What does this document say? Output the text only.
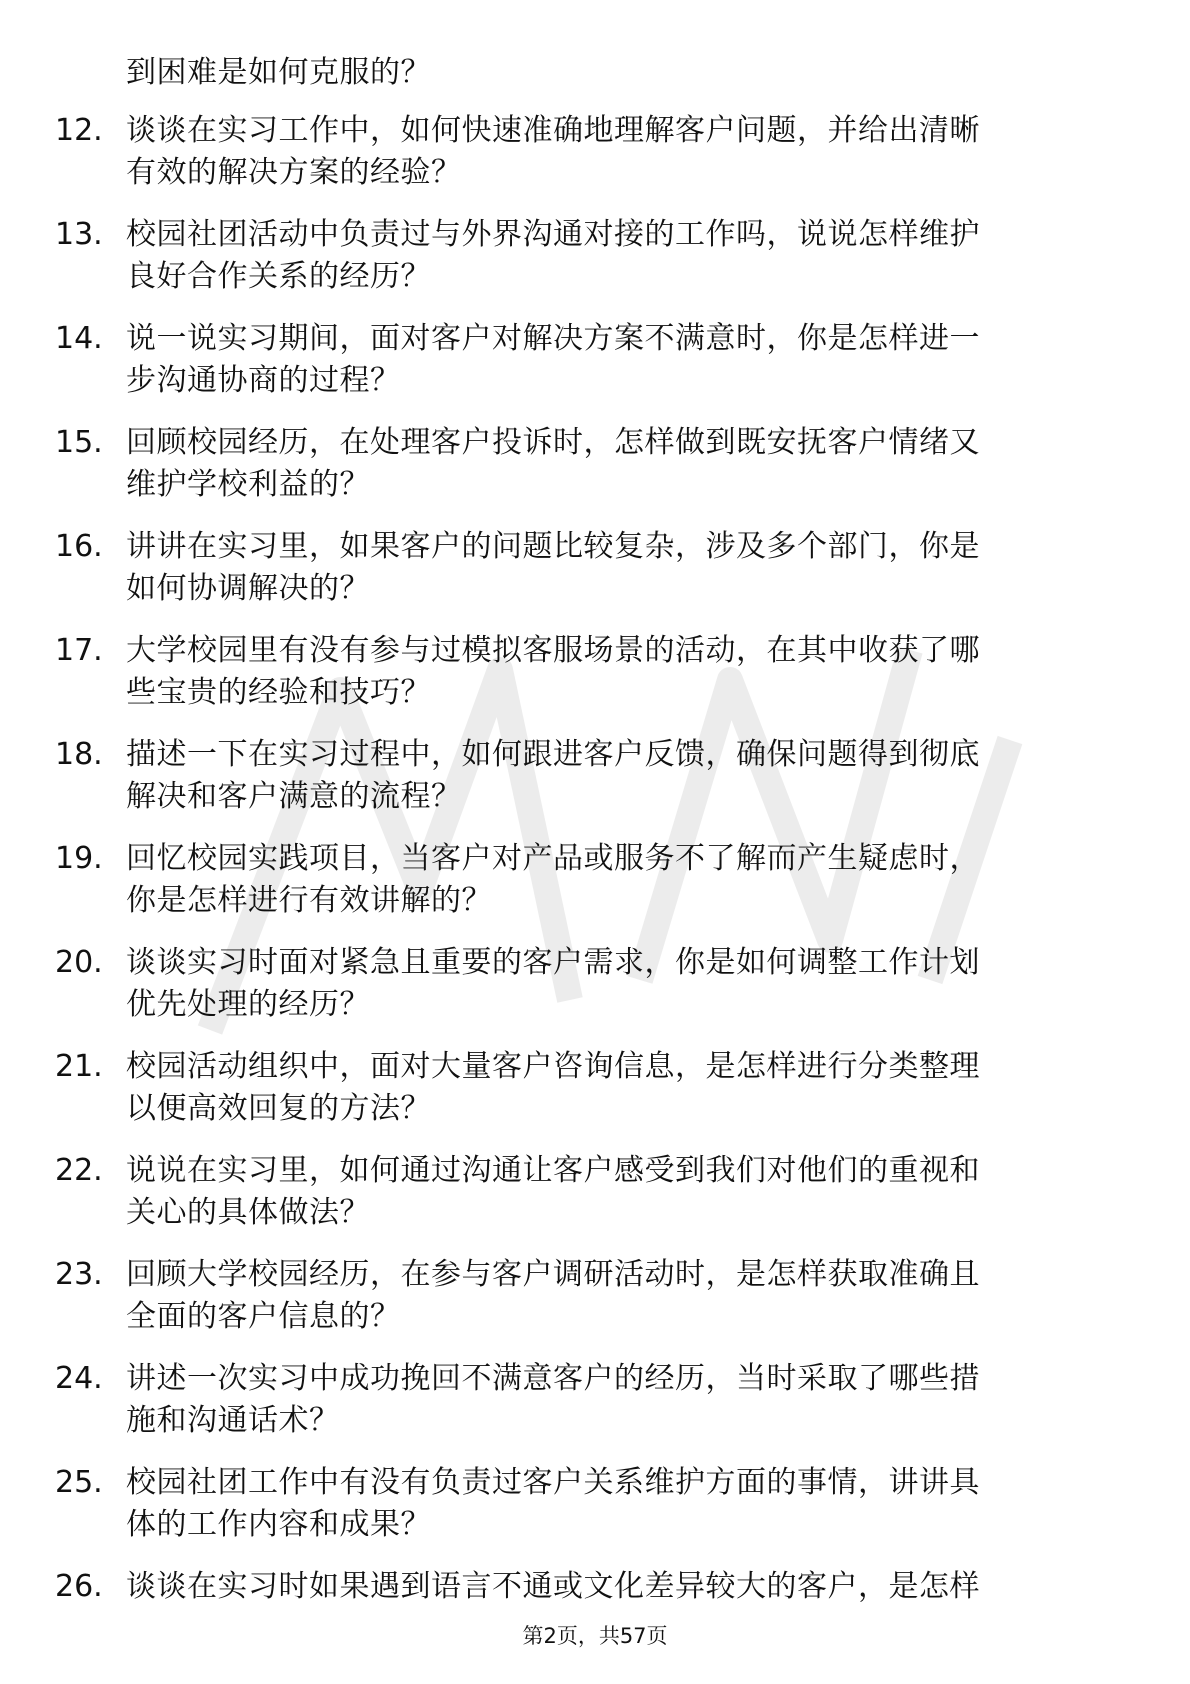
到困难是如何克服的？
12. 谈谈在实习工作中，如何快速准确地理解客户问题，并给出清晰
有效的解决方案的经验？
13. 校园社团活动中负责过与外界沟通对接的工作吗，说说怎样维护
良好合作关系的经历？
14. 说一说实习期间，面对客户对解决方案不满意时，你是怎样进一
步沟通协商的过程？
15. 回顾校园经历，在处理客户投诉时，怎样做到既安抚客户情绪又
维护学校利益的？
16. 讲讲在实习里，如果客户的问题比较复杂，涉及多个部门，你是
如何协调解决的？
17. 大学校园里有没有参与过模拟客服场景的活动，在其中收获了哪
些宝贵的经验和技巧？
18. 描述一下在实习过程中，如何跟进客户反馈，确保问题得到彻底
解决和客户满意的流程？
19. 回忆校园实践项目，当客户对产品或服务不了解而产生疑虑时，
你是怎样进行有效讲解的？
20. 谈谈实习时面对紧急且重要的客户需求，你是如何调整工作计划
优先处理的经历？
21. 校园活动组织中，面对大量客户咨询信息，是怎样进行分类整理
以便高效回复的方法？
22. 说说在实习里，如何通过沟通让客户感受到我们对他们的重视和
关心的具体做法？
23. 回顾大学校园经历，在参与客户调研活动时，是怎样获取准确且
全面的客户信息的？
24. 讲述一次实习中成功挽回不满意客户的经历，当时采取了哪些措
施和沟通话术？
25. 校园社团工作中有没有负责过客户关系维护方面的事情，讲讲具
体的工作内容和成果？
26. 谈谈在实习时如果遇到语言不通或文化差异较大的客户，是怎样
第2页，共57页
